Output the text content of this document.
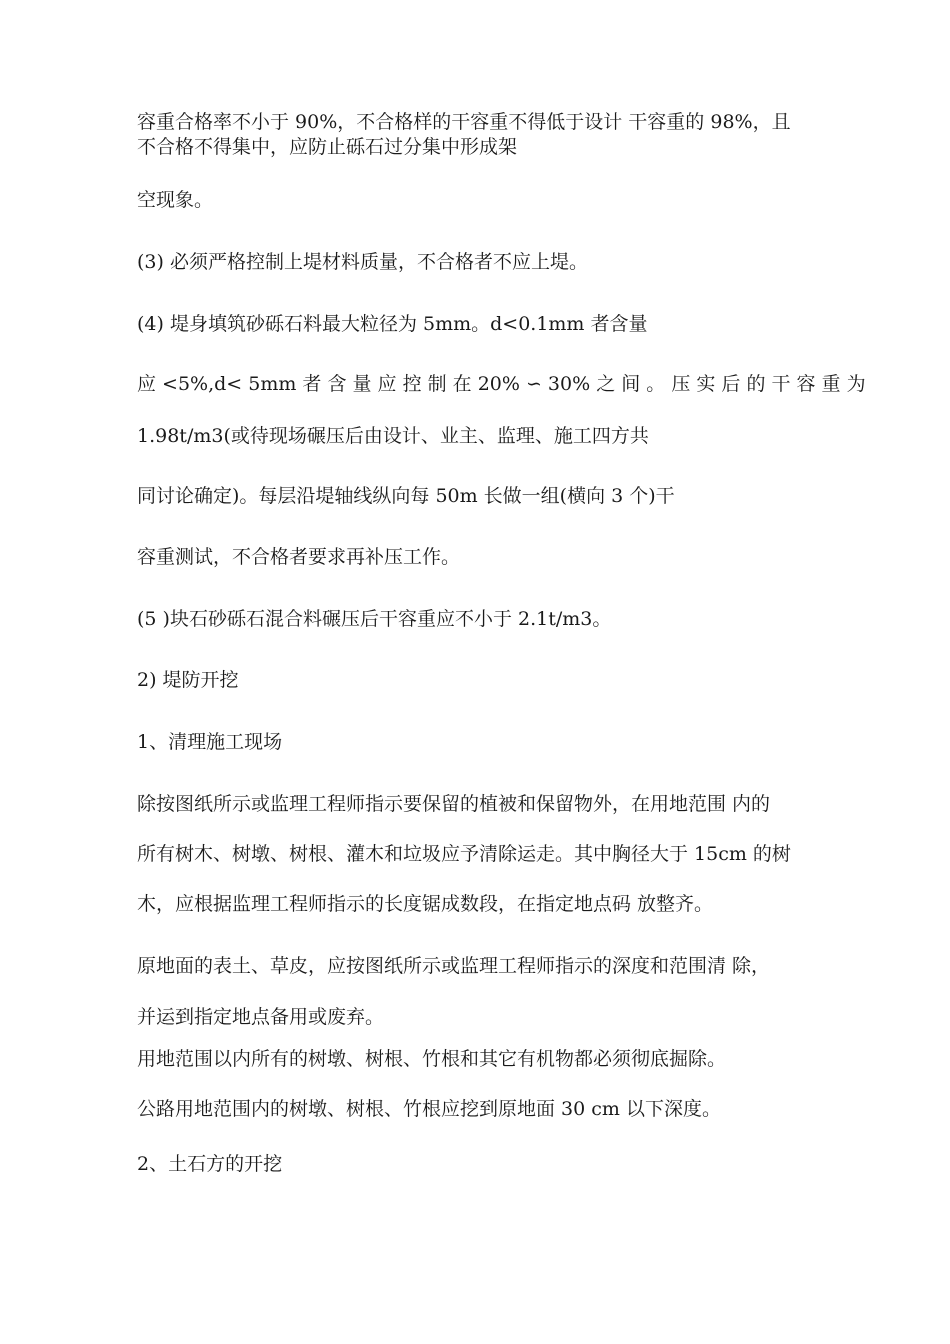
容重合格率不小于 90%，不合格样的干容重不得低于设计 干容重的 98%，且
不合格不得集中，应防止砾石过分集中形成架
空现象。
(3) 必须严格控制上堤材料质量，不合格者不应上堤。
(4) 堤身填筑砂砾石料最大粒径为 5mm。d<0.1mm 者含量
应 <5%,d< 5mm 者 含 量 应 控 制 在 20% ∽ 30% 之 间 。 压 实 后 的 干 容 重 为
1.98t/m3(或待现场碾压后由设计、业主、监理、施工四方共
同讨论确定)。每层沿堤轴线纵向每 50m 长做一组(横向 3 个)干
容重测试，不合格者要求再补压工作。
(5 )块石砂砾石混合料碾压后干容重应不小于 2.1t/m3。
2) 堤防开挖
1、清理施工现场
除按图纸所示或监理工程师指示要保留的植被和保留物外，在用地范围 内的
所有树木、树墩、树根、灌木和垃圾应予清除运走。其中胸径大于 15cm 的树
木，应根据监理工程师指示的长度锯成数段，在指定地点码 放整齐。
原地面的表土、草皮，应按图纸所示或监理工程师指示的深度和范围清 除，
并运到指定地点备用或废弃。
用地范围以内所有的树墩、树根、竹根和其它有机物都必须彻底掘除。
公路用地范围内的树墩、树根、竹根应挖到原地面 30 cm 以下深度。
2、土石方的开挖
